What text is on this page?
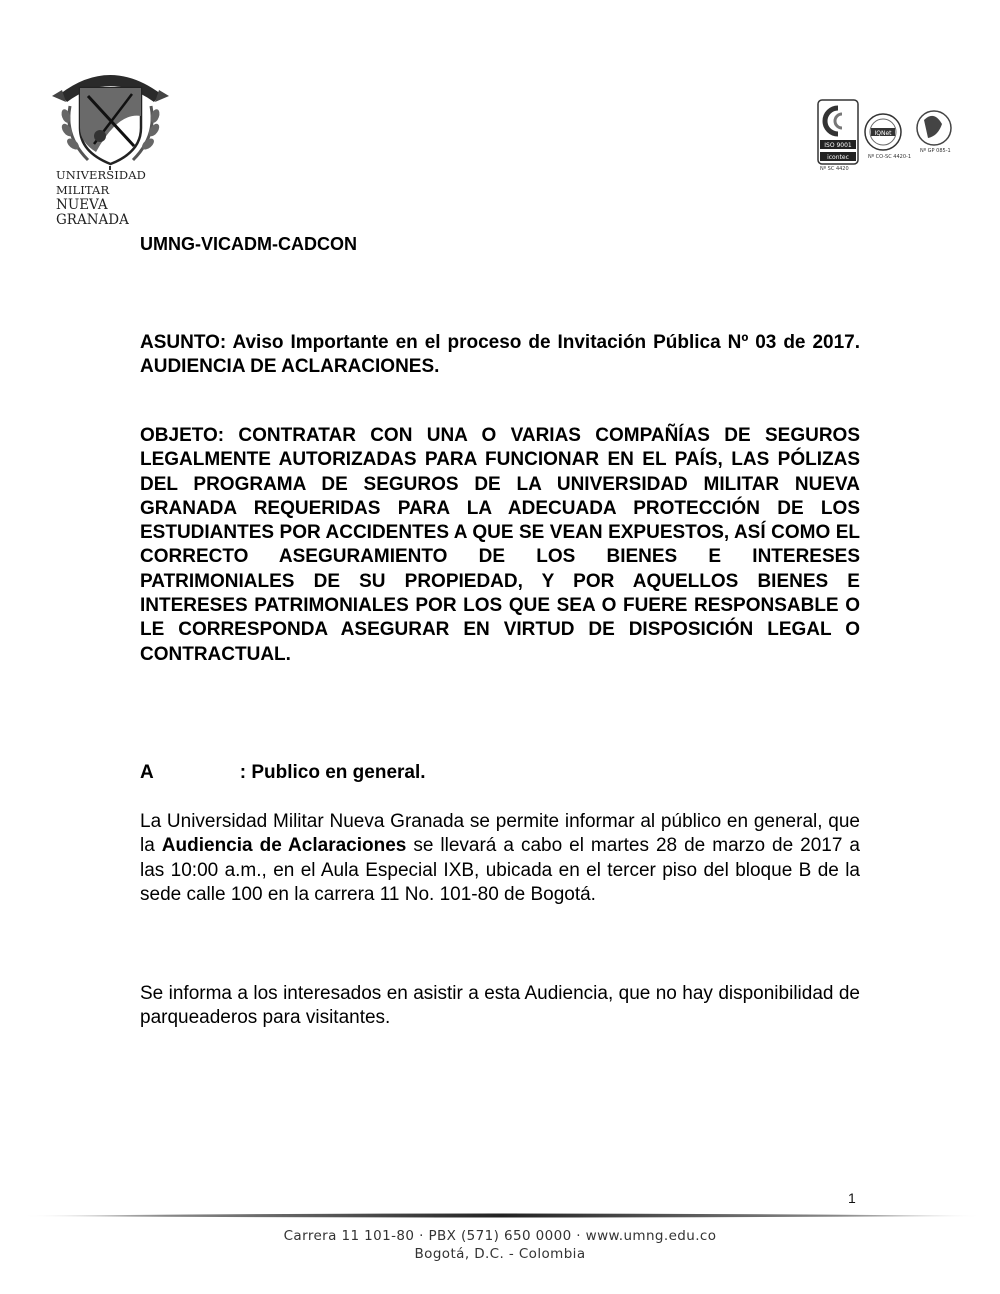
UNIVERSIDAD MILITAR
NUEVA GRANADA
ISO 9001
icontec
IQNet
Nº SC 4420
Nº CO-SC 4420-1
Nº GP 085-1
UMNG-VICADM-CADCON
ASUNTO: Aviso Importante en el proceso de Invitación Pública Nº 03 de 2017. AUDIENCIA DE ACLARACIONES.
OBJETO: CONTRATAR CON UNA O VARIAS COMPAÑÍAS DE SEGUROS LEGALMENTE AUTORIZADAS PARA FUNCIONAR EN EL PAÍS, LAS PÓLIZAS DEL PROGRAMA DE SEGUROS DE LA UNIVERSIDAD MILITAR NUEVA GRANADA REQUERIDAS PARA LA ADECUADA PROTECCIÓN DE LOS ESTUDIANTES POR ACCIDENTES A QUE SE VEAN EXPUESTOS, ASÍ COMO EL CORRECTO ASEGURAMIENTO DE LOS BIENES E INTERESES PATRIMONIALES DE SU PROPIEDAD, Y POR AQUELLOS BIENES E INTERESES PATRIMONIALES POR LOS QUE SEA O FUERE RESPONSABLE O LE CORRESPONDA ASEGURAR EN VIRTUD DE DISPOSICIÓN LEGAL O CONTRACTUAL.
A	: Publico en general.
La Universidad Militar Nueva Granada se permite informar al público en general, que la Audiencia de Aclaraciones se llevará a cabo el martes 28 de marzo de 2017 a las 10:00 a.m., en el Aula Especial IXB, ubicada en el tercer piso del bloque B de la sede calle 100 en la carrera 11 No. 101-80 de Bogotá.
Se informa a los interesados en asistir a esta Audiencia, que no hay disponibilidad de parqueaderos para visitantes.
1
Carrera 11 101-80 · PBX (571) 650 0000 · www.umng.edu.co
Bogotá, D.C. - Colombia
